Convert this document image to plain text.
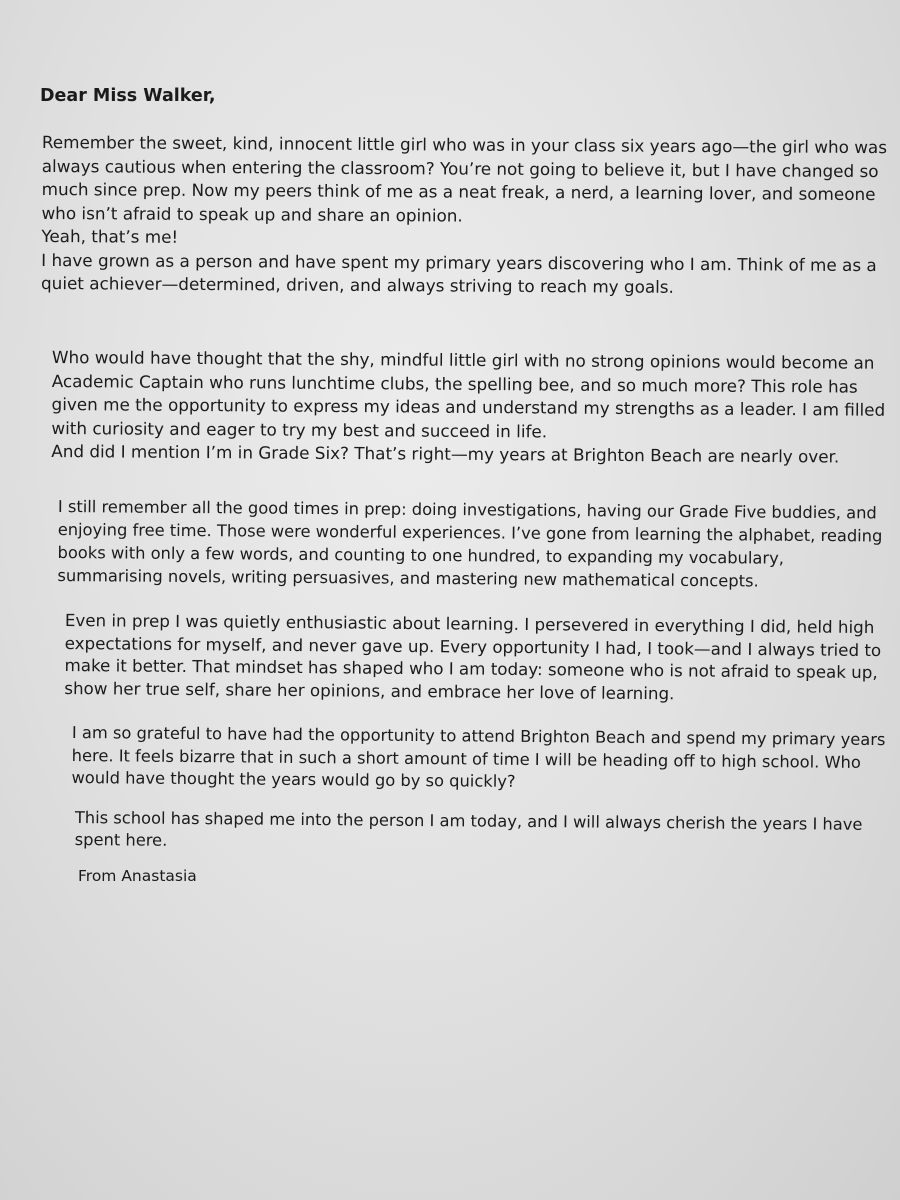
Dear Miss Walker,

Remember the sweet, kind, innocent little girl who was in your class six years ago—the girl who was
always cautious when entering the classroom? You’re not going to believe it, but I have changed so
much since prep. Now my peers think of me as a neat freak, a nerd, a learning lover, and someone
who isn’t afraid to speak up and share an opinion.
Yeah, that’s me!
I have grown as a person and have spent my primary years discovering who I am. Think of me as a
quiet achiever—determined, driven, and always striving to reach my goals.

Who would have thought that the shy, mindful little girl with no strong opinions would become an
Academic Captain who runs lunchtime clubs, the spelling bee, and so much more? This role has
given me the opportunity to express my ideas and understand my strengths as a leader. I am filled
with curiosity and eager to try my best and succeed in life.
And did I mention I’m in Grade Six? That’s right—my years at Brighton Beach are nearly over.

I still remember all the good times in prep: doing investigations, having our Grade Five buddies, and
enjoying free time. Those were wonderful experiences. I’ve gone from learning the alphabet, reading
books with only a few words, and counting to one hundred, to expanding my vocabulary,
summarising novels, writing persuasives, and mastering new mathematical concepts.

Even in prep I was quietly enthusiastic about learning. I persevered in everything I did, held high
expectations for myself, and never gave up. Every opportunity I had, I took—and I always tried to
make it better. That mindset has shaped who I am today: someone who is not afraid to speak up,
show her true self, share her opinions, and embrace her love of learning.

I am so grateful to have had the opportunity to attend Brighton Beach and spend my primary years
here. It feels bizarre that in such a short amount of time I will be heading off to high school. Who
would have thought the years would go by so quickly?

This school has shaped me into the person I am today, and I will always cherish the years I have
spent here.

From Anastasia
